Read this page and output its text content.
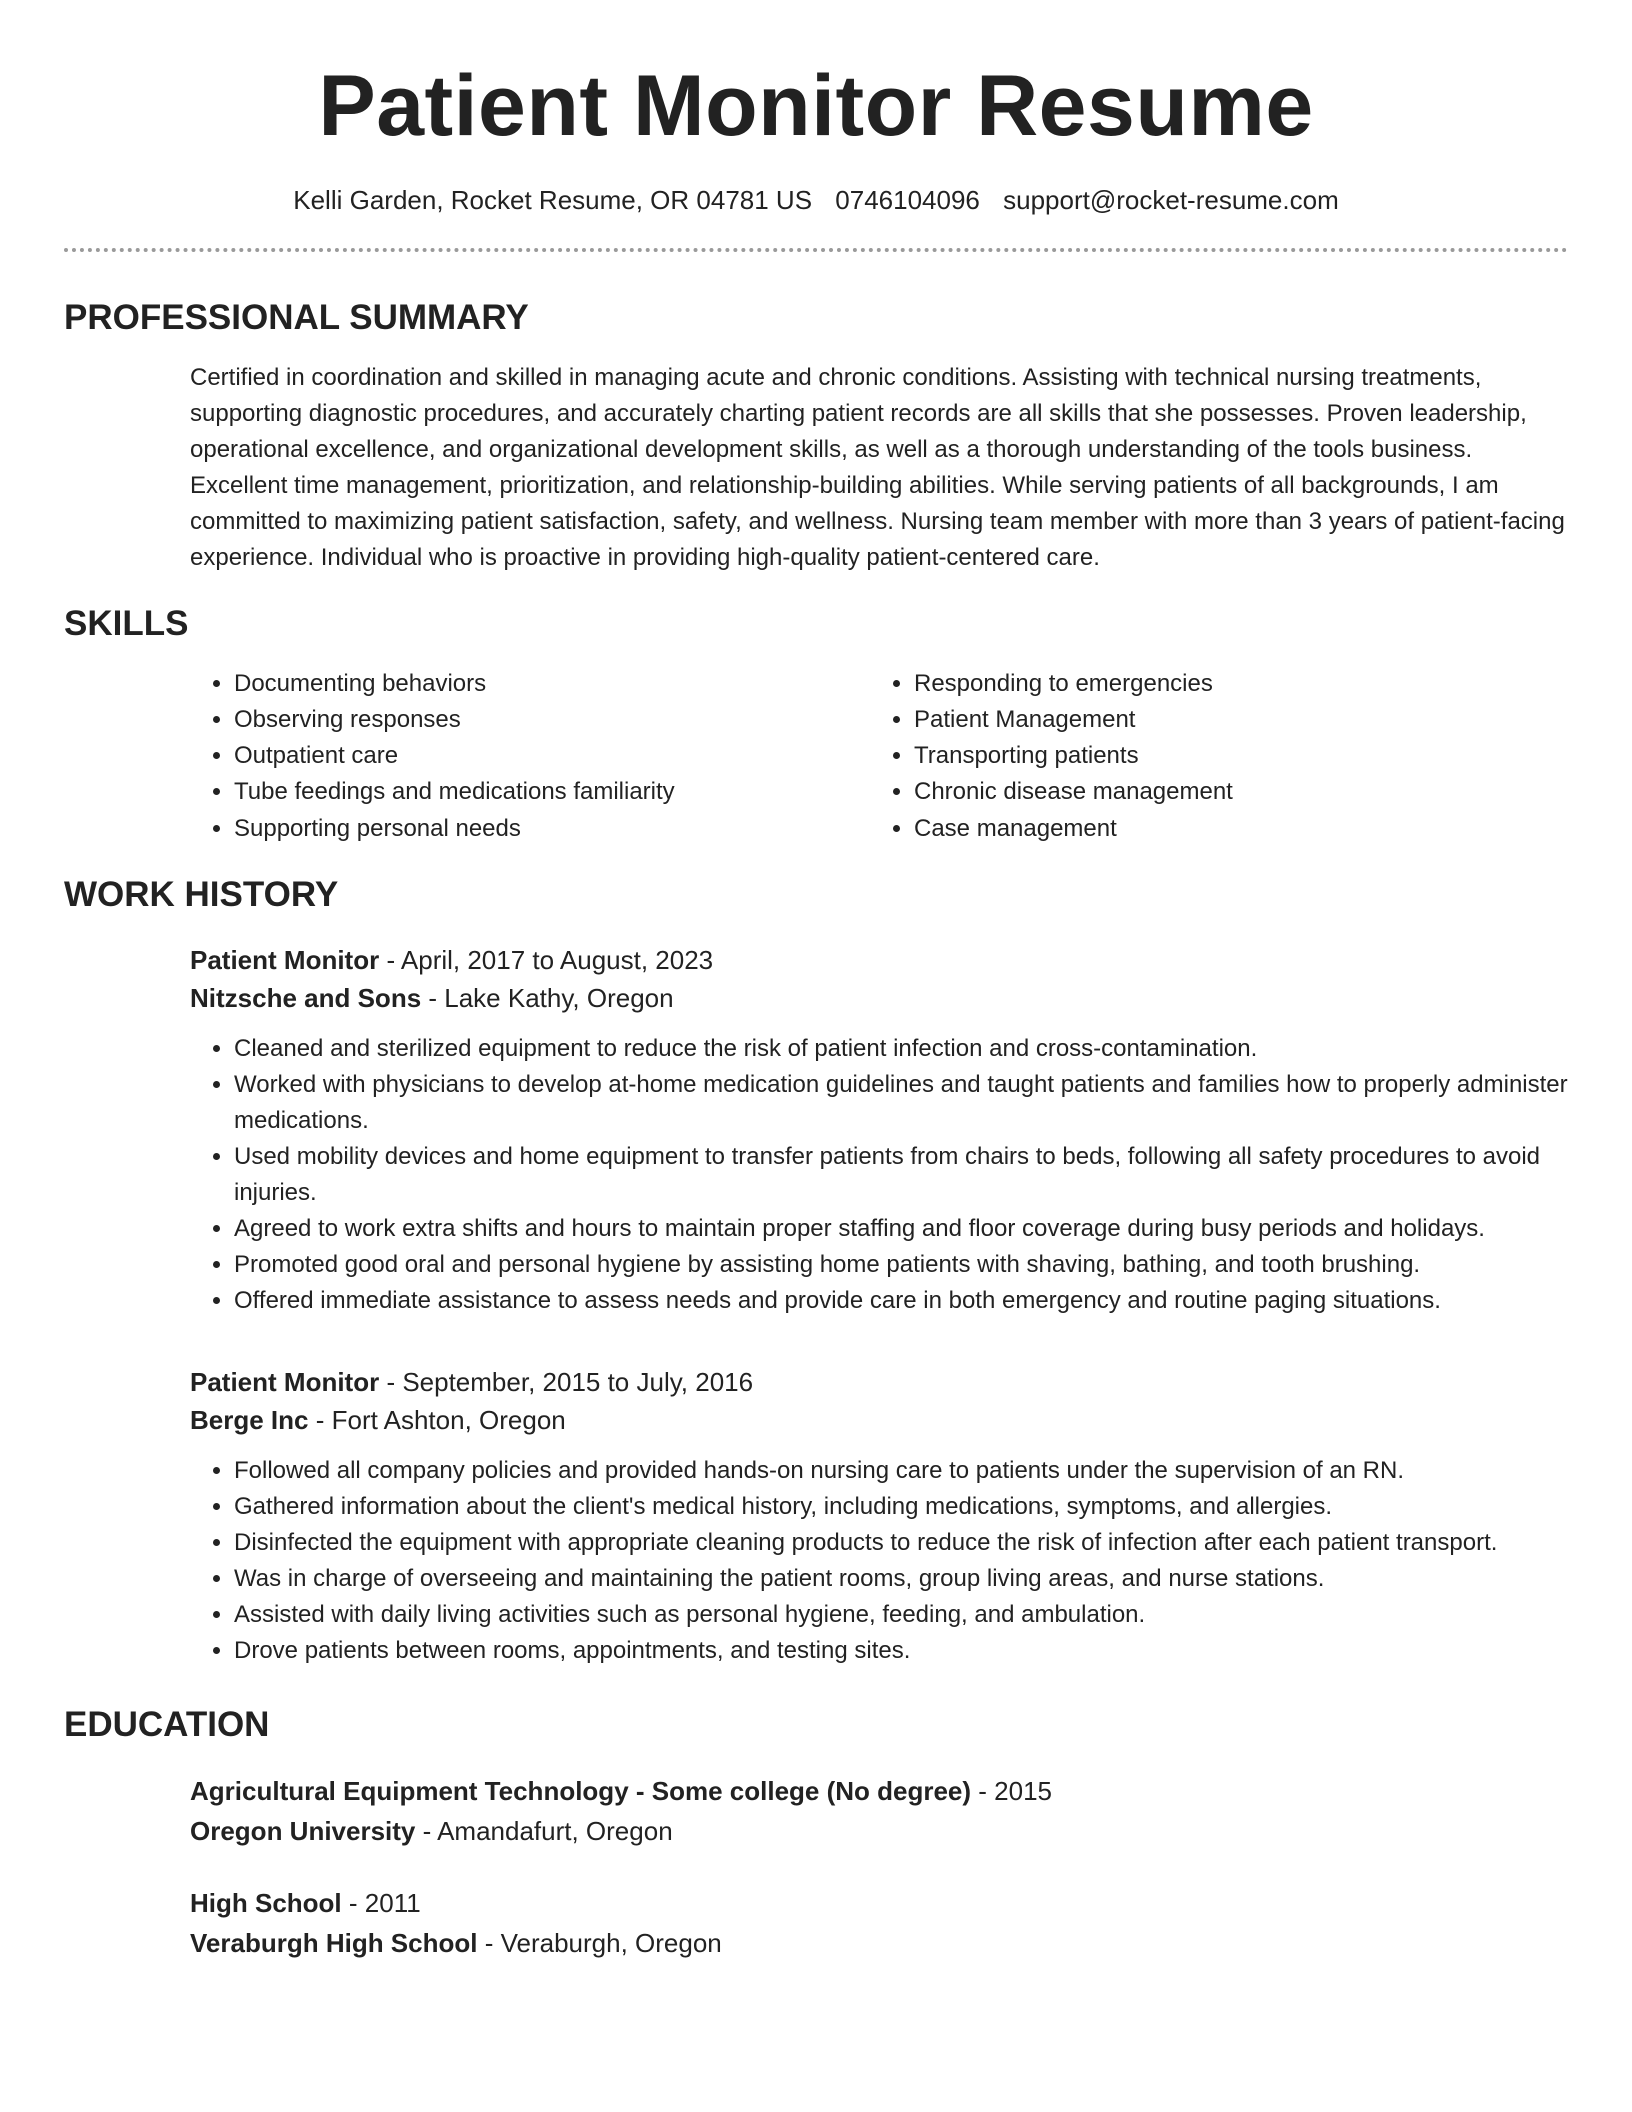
Patient Monitor Resume
Kelli Garden, Rocket Resume, OR 04781 US 0746104096 support@rocket-resume.com
PROFESSIONAL SUMMARY

Certified in coordination and skilled in managing acute and chronic conditions. Assisting with technical nursing treatments, supporting diagnostic procedures, and accurately charting patient records are all skills that she possesses. Proven leadership, operational excellence, and organizational development skills, as well as a thorough understanding of the tools business. Excellent time management, prioritization, and relationship-building abilities. While serving patients of all backgrounds, I am committed to maximizing patient satisfaction, safety, and wellness. Nursing team member with more than 3 years of patient-facing experience. Individual who is proactive in providing high-quality patient-centered care.

SKILLS
• Documenting behaviors
• Observing responses
• Outpatient care
• Tube feedings and medications familiarity
• Supporting personal needs
• Responding to emergencies
• Patient Management
• Transporting patients
• Chronic disease management
• Case management
WORK HISTORY
Patient Monitor - April, 2017 to August, 2023
Nitzsche and Sons - Lake Kathy, Oregon
• Cleaned and sterilized equipment to reduce the risk of patient infection and cross-contamination.
• Worked with physicians to develop at-home medication guidelines and taught patients and families how to properly administer medications.
• Used mobility devices and home equipment to transfer patients from chairs to beds, following all safety procedures to avoid injuries.
• Agreed to work extra shifts and hours to maintain proper staffing and floor coverage during busy periods and holidays.
• Promoted good oral and personal hygiene by assisting home patients with shaving, bathing, and tooth brushing.
• Offered immediate assistance to assess needs and provide care in both emergency and routine paging situations.
Patient Monitor - September, 2015 to July, 2016
Berge Inc - Fort Ashton, Oregon
• Followed all company policies and provided hands-on nursing care to patients under the supervision of an RN.
• Gathered information about the client's medical history, including medications, symptoms, and allergies.
• Disinfected the equipment with appropriate cleaning products to reduce the risk of infection after each patient transport.
• Was in charge of overseeing and maintaining the patient rooms, group living areas, and nurse stations.
• Assisted with daily living activities such as personal hygiene, feeding, and ambulation.
• Drove patients between rooms, appointments, and testing sites.
EDUCATION
Agricultural Equipment Technology - Some college (No degree) - 2015
Oregon University - Amandafurt, Oregon
High School - 2011
Veraburgh High School - Veraburgh, Oregon
